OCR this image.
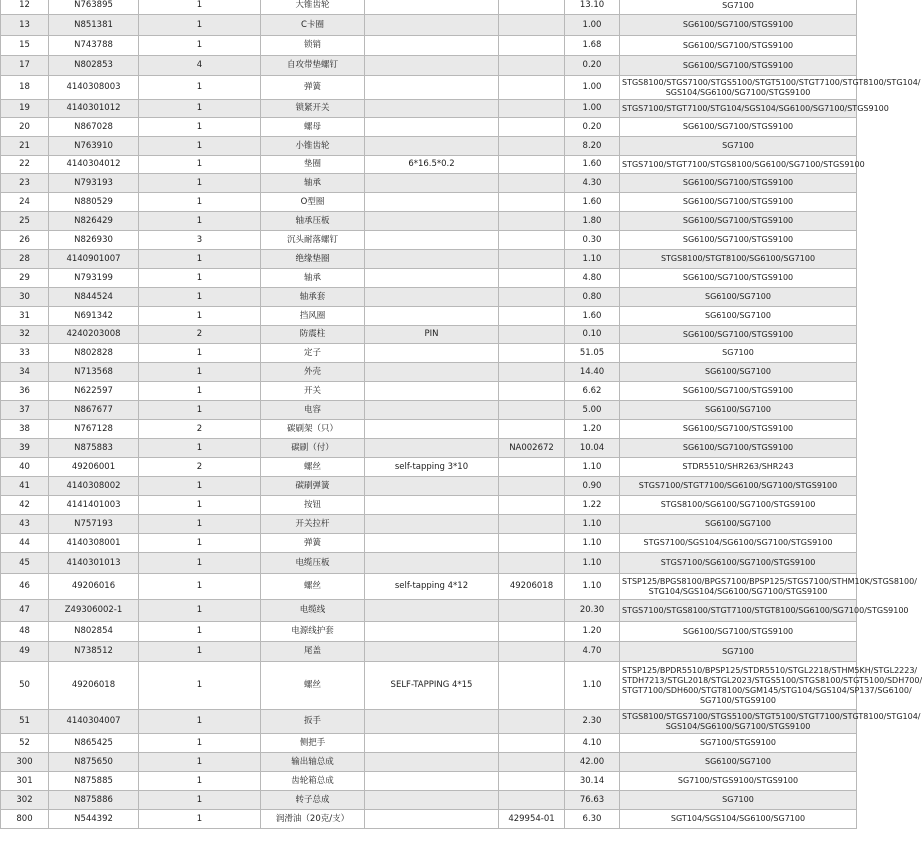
12	N763895	1	大锥齿轮			13.10	SG7100
13	N851381	1	C卡圈			1.00	SG6100/SG7100/STGS9100
15	N743788	1	锁销			1.68	SG6100/SG7100/STGS9100
17	N802853	4	自攻带垫螺钉			0.20	SG6100/SG7100/STGS9100
18	4140308003	1	弹簧			1.00	STGS8100/STGS7100/STGS5100/STGT5100/STGT7100/STGT8100/STG104/
SGS104/SG6100/SG7100/STGS9100
19	4140301012	1	锁紧开关			1.00	STGS7100/STGT7100/STG104/SGS104/SG6100/SG7100/STGS9100
20	N867028	1	螺母			0.20	SG6100/SG7100/STGS9100
21	N763910	1	小锥齿轮			8.20	SG7100
22	4140304012	1	垫圈	6*16.5*0.2		1.60	STGS7100/STGT7100/STGS8100/SG6100/SG7100/STGS9100
23	N793193	1	轴承			4.30	SG6100/SG7100/STGS9100
24	N880529	1	O型圈			1.60	SG6100/SG7100/STGS9100
25	N826429	1	轴承压板			1.80	SG6100/SG7100/STGS9100
26	N826930	3	沉头耐落螺钉			0.30	SG6100/SG7100/STGS9100
28	4140901007	1	绝缘垫圈			1.10	STGS8100/STGT8100/SG6100/SG7100
29	N793199	1	轴承			4.80	SG6100/SG7100/STGS9100
30	N844524	1	轴承套			0.80	SG6100/SG7100
31	N691342	1	挡风圈			1.60	SG6100/SG7100
32	4240203008	2	防震柱	PIN		0.10	SG6100/SG7100/STGS9100
33	N802828	1	定子			51.05	SG7100
34	N713568	1	外壳			14.40	SG6100/SG7100
36	N622597	1	开关			6.62	SG6100/SG7100/STGS9100
37	N867677	1	电容			5.00	SG6100/SG7100
38	N767128	2	碳刷架（只）			1.20	SG6100/SG7100/STGS9100
39	N875883	1	碳刷（付）		NA002672	10.04	SG6100/SG7100/STGS9100
40	49206001	2	螺丝	self-tapping 3*10		1.10	STDR5510/SHR263/SHR243
41	4140308002	1	碳刷弹簧			0.90	STGS7100/STGT7100/SG6100/SG7100/STGS9100
42	4141401003	1	按钮			1.22	STGS8100/SG6100/SG7100/STGS9100
43	N757193	1	开关拉杆			1.10	SG6100/SG7100
44	4140308001	1	弹簧			1.10	STGS7100/SGS104/SG6100/SG7100/STGS9100
45	4140301013	1	电缆压板			1.10	STGS7100/SG6100/SG7100/STGS9100
46	49206016	1	螺丝	self-tapping 4*12	49206018	1.10	STSP125/BPGS8100/BPGS7100/BPSP125/STGS7100/STHM10K/STGS8100/
STG104/SGS104/SG6100/SG7100/STGS9100
47	Z49306002-1	1	电缆线			20.30	STGS7100/STGS8100/STGT7100/STGT8100/SG6100/SG7100/STGS9100
48	N802854	1	电源线护套			1.20	SG6100/SG7100/STGS9100
49	N738512	1	尾盖			4.70	SG7100
50	49206018	1	螺丝	SELF-TAPPING 4*15		1.10	STSP125/BPDR5510/BPSP125/STDR5510/STGL2218/STHM5KH/STGL2223/
STDH7213/STGL2018/STGL2023/STGS5100/STGS8100/STGT5100/SDH700/
STGT7100/SDH600/STGT8100/SGM145/STG104/SGS104/SP137/SG6100/
SG7100/STGS9100
51	4140304007	1	扳手			2.30	STGS8100/STGS7100/STGS5100/STGT5100/STGT7100/STGT8100/STG104/
SGS104/SG6100/SG7100/STGS9100
52	N865425	1	侧把手			4.10	SG7100/STGS9100
300	N875650	1	输出轴总成			42.00	SG6100/SG7100
301	N875885	1	齿轮箱总成			30.14	SG7100/STGS9100/STGS9100
302	N875886	1	转子总成			76.63	SG7100
800	N544392	1	润滑油（20克/支）		429954-01	6.30	SGT104/SGS104/SG6100/SG7100
